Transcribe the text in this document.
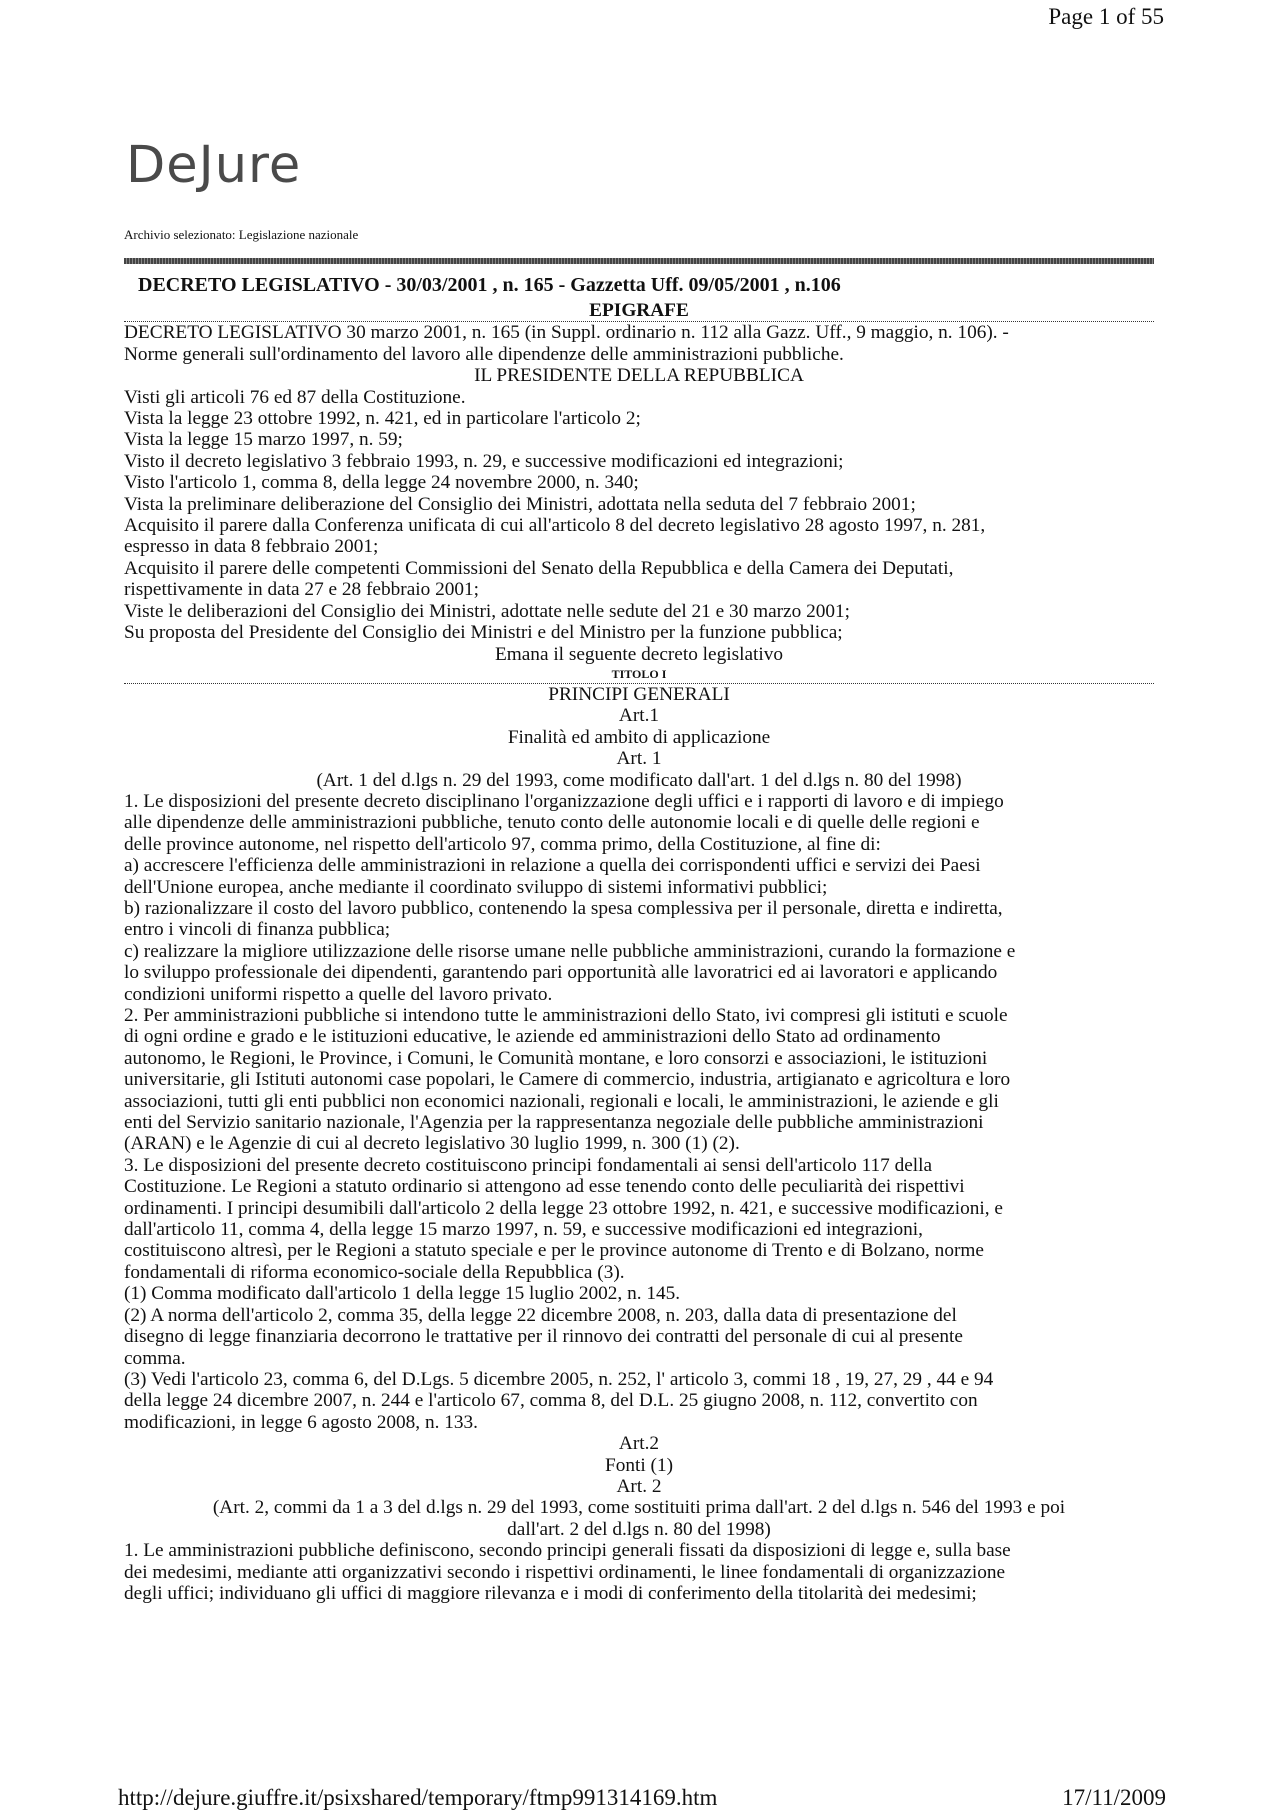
Page 1 of 55
DeJure
Archivio selezionato: Legislazione nazionale
DECRETO LEGISLATIVO - 30/03/2001 , n. 165 - Gazzetta Uff. 09/05/2001 , n.106
EPIGRAFE
DECRETO LEGISLATIVO 30 marzo 2001, n. 165 (in Suppl. ordinario n. 112 alla Gazz. Uff., 9 maggio, n. 106). -
Norme generali sull'ordinamento del lavoro alle dipendenze delle amministrazioni pubbliche.
IL PRESIDENTE DELLA REPUBBLICA
Visti gli articoli 76 ed 87 della Costituzione.
Vista la legge 23 ottobre 1992, n. 421, ed in particolare l'articolo 2;
Vista la legge 15 marzo 1997, n. 59;
Visto il decreto legislativo 3 febbraio 1993, n. 29, e successive modificazioni ed integrazioni;
Visto l'articolo 1, comma 8, della legge 24 novembre 2000, n. 340;
Vista la preliminare deliberazione del Consiglio dei Ministri, adottata nella seduta del 7 febbraio 2001;
Acquisito il parere dalla Conferenza unificata di cui all'articolo 8 del decreto legislativo 28 agosto 1997, n. 281,
espresso in data 8 febbraio 2001;
Acquisito il parere delle competenti Commissioni del Senato della Repubblica e della Camera dei Deputati,
rispettivamente in data 27 e 28 febbraio 2001;
Viste le deliberazioni del Consiglio dei Ministri, adottate nelle sedute del 21 e 30 marzo 2001;
Su proposta del Presidente del Consiglio dei Ministri e del Ministro per la funzione pubblica;
Emana il seguente decreto legislativo
TITOLO I
PRINCIPI GENERALI
Art.1
Finalità ed ambito di applicazione
Art. 1
(Art. 1 del d.lgs n. 29 del 1993, come modificato dall'art. 1 del d.lgs n. 80 del 1998)
1. Le disposizioni del presente decreto disciplinano l'organizzazione degli uffici e i rapporti di lavoro e di impiego
alle dipendenze delle amministrazioni pubbliche, tenuto conto delle autonomie locali e di quelle delle regioni e
delle province autonome, nel rispetto dell'articolo 97, comma primo, della Costituzione, al fine di:
a) accrescere l'efficienza delle amministrazioni in relazione a quella dei corrispondenti uffici e servizi dei Paesi
dell'Unione europea, anche mediante il coordinato sviluppo di sistemi informativi pubblici;
b) razionalizzare il costo del lavoro pubblico, contenendo la spesa complessiva per il personale, diretta e indiretta,
entro i vincoli di finanza pubblica;
c) realizzare la migliore utilizzazione delle risorse umane nelle pubbliche amministrazioni, curando la formazione e
lo sviluppo professionale dei dipendenti, garantendo pari opportunità alle lavoratrici ed ai lavoratori e applicando
condizioni uniformi rispetto a quelle del lavoro privato.
2. Per amministrazioni pubbliche si intendono tutte le amministrazioni dello Stato, ivi compresi gli istituti e scuole
di ogni ordine e grado e le istituzioni educative, le aziende ed amministrazioni dello Stato ad ordinamento
autonomo, le Regioni, le Province, i Comuni, le Comunità montane, e loro consorzi e associazioni, le istituzioni
universitarie, gli Istituti autonomi case popolari, le Camere di commercio, industria, artigianato e agricoltura e loro
associazioni, tutti gli enti pubblici non economici nazionali, regionali e locali, le amministrazioni, le aziende e gli
enti del Servizio sanitario nazionale, l'Agenzia per la rappresentanza negoziale delle pubbliche amministrazioni
(ARAN) e le Agenzie di cui al decreto legislativo 30 luglio 1999, n. 300 (1) (2).
3. Le disposizioni del presente decreto costituiscono principi fondamentali ai sensi dell'articolo 117 della
Costituzione. Le Regioni a statuto ordinario si attengono ad esse tenendo conto delle peculiarità dei rispettivi
ordinamenti. I principi desumibili dall'articolo 2 della legge 23 ottobre 1992, n. 421, e successive modificazioni, e
dall'articolo 11, comma 4, della legge 15 marzo 1997, n. 59, e successive modificazioni ed integrazioni,
costituiscono altresì, per le Regioni a statuto speciale e per le province autonome di Trento e di Bolzano, norme
fondamentali di riforma economico-sociale della Repubblica (3).
(1) Comma modificato dall'articolo 1 della legge 15 luglio 2002, n. 145.
(2) A norma dell'articolo 2, comma 35, della legge 22 dicembre 2008, n. 203, dalla data di presentazione del
disegno di legge finanziaria decorrono le trattative per il rinnovo dei contratti del personale di cui al presente
comma.
(3) Vedi l'articolo 23, comma 6, del D.Lgs. 5 dicembre 2005, n. 252, l' articolo 3, commi 18 , 19, 27, 29 , 44 e 94
della legge 24 dicembre 2007, n. 244 e l'articolo 67, comma 8, del D.L. 25 giugno 2008, n. 112, convertito con
modificazioni, in legge 6 agosto 2008, n. 133.
Art.2
Fonti (1)
Art. 2
(Art. 2, commi da 1 a 3 del d.lgs n. 29 del 1993, come sostituiti prima dall'art. 2 del d.lgs n. 546 del 1993 e poi
dall'art. 2 del d.lgs n. 80 del 1998)
1. Le amministrazioni pubbliche definiscono, secondo principi generali fissati da disposizioni di legge e, sulla base
dei medesimi, mediante atti organizzativi secondo i rispettivi ordinamenti, le linee fondamentali di organizzazione
degli uffici; individuano gli uffici di maggiore rilevanza e i modi di conferimento della titolarità dei medesimi;
http://dejure.giuffre.it/psixshared/temporary/ftmp991314169.htm	17/11/2009
